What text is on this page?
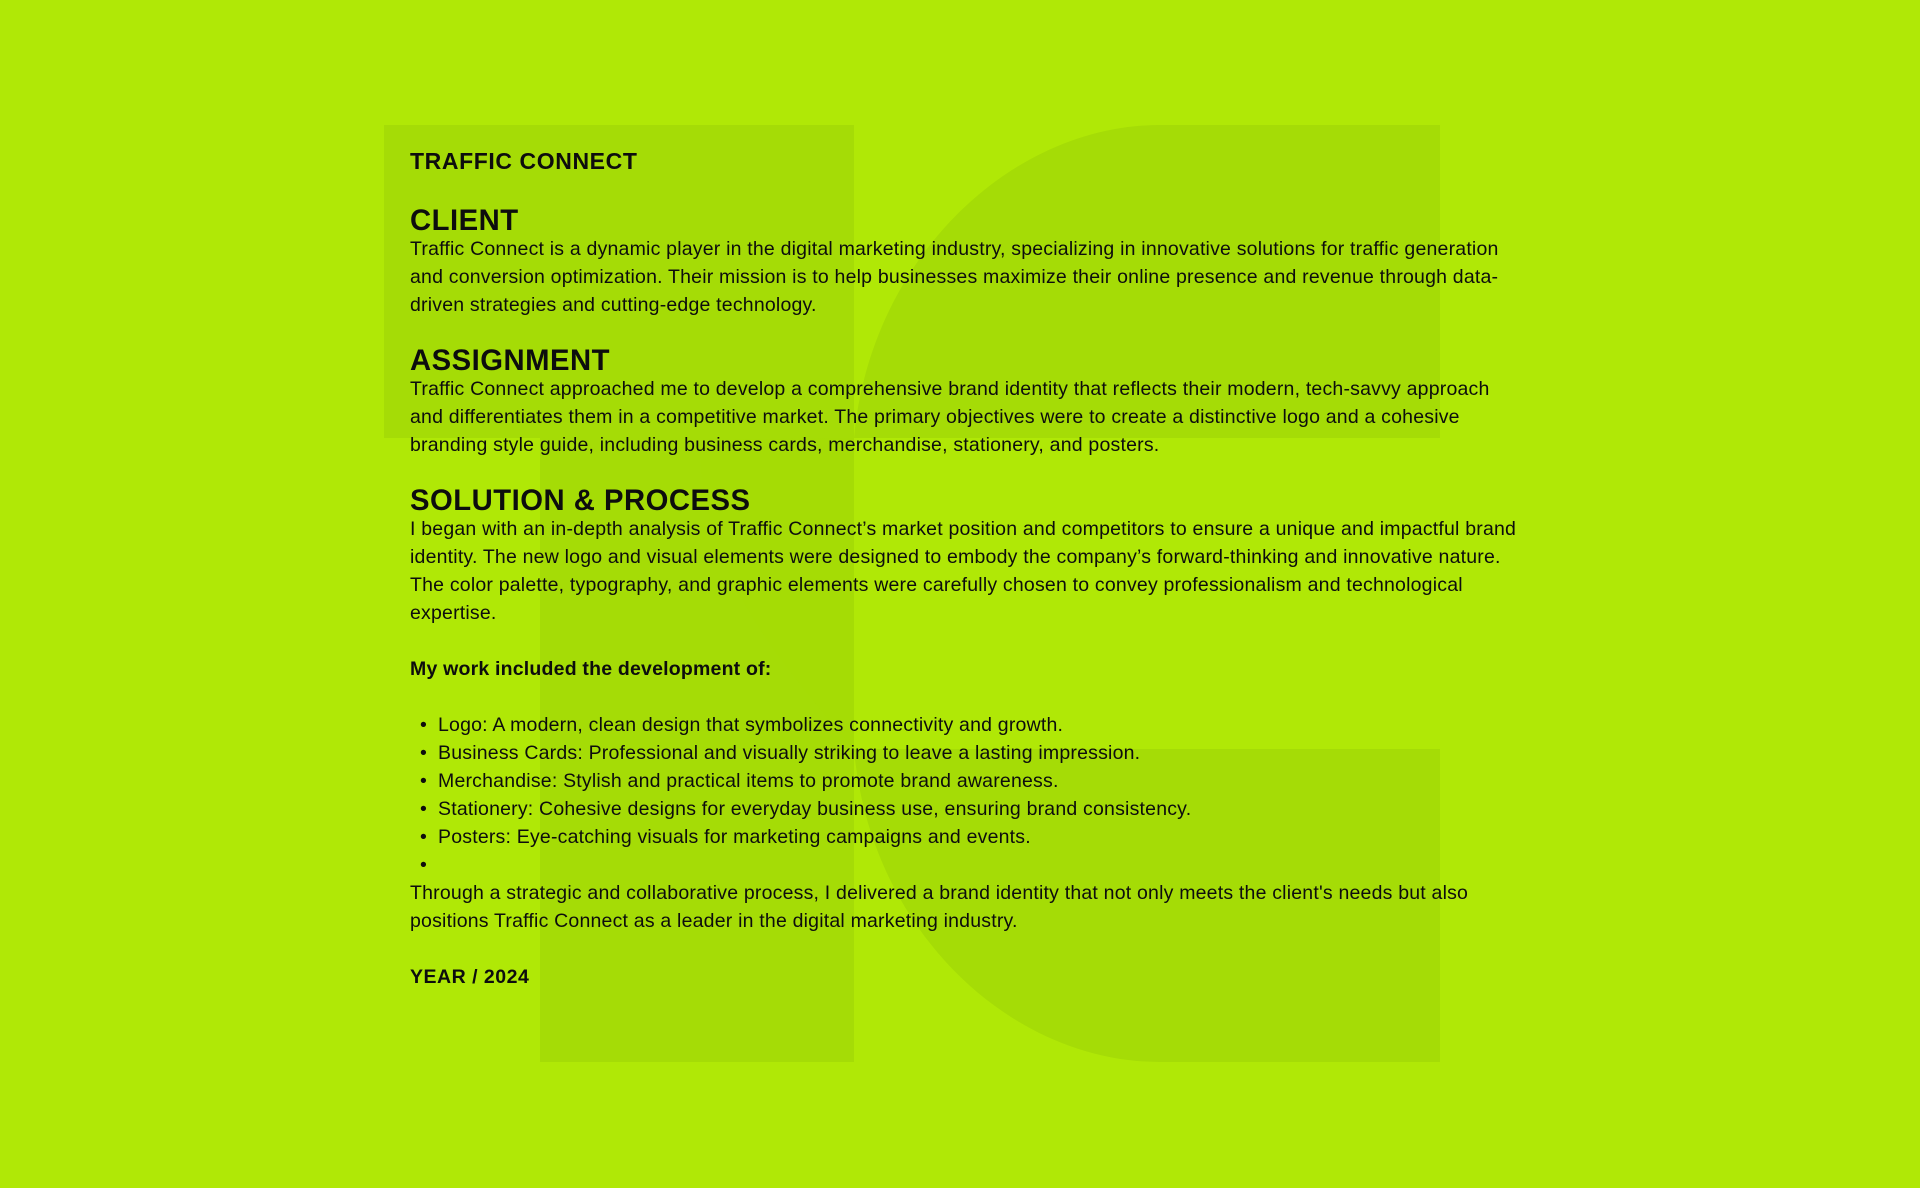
TRAFFIC CONNECT
CLIENT

Traffic Connect is a dynamic player in the digital marketing industry, specializing in innovative solutions for traffic generation and conversion optimization. Their mission is to help businesses maximize their online presence and revenue through data-driven strategies and cutting-edge technology.

ASSIGNMENT

Traffic Connect approached me to develop a comprehensive brand identity that reflects their modern, tech-savvy approach and differentiates them in a competitive market. The primary objectives were to create a distinctive logo and a cohesive branding style guide, including business cards, merchandise, stationery, and posters.

SOLUTION & PROCESS

I began with an in-depth analysis of Traffic Connect’s market position and competitors to ensure a unique and impactful brand identity. The new logo and visual elements were designed to embody the company’s forward-thinking and innovative nature. The color palette, typography, and graphic elements were carefully chosen to convey professionalism and technological expertise.

My work included the development of:

• Logo: A modern, clean design that symbolizes connectivity and growth.
• Business Cards: Professional and visually striking to leave a lasting impression.
• Merchandise: Stylish and practical items to promote brand awareness.
• Stationery: Cohesive designs for everyday business use, ensuring brand consistency.
• Posters: Eye-catching visuals for marketing campaigns and events.
•

Through a strategic and collaborative process, I delivered a brand identity that not only meets the client's needs but also positions Traffic Connect as a leader in the digital marketing industry.

YEAR / 2024
